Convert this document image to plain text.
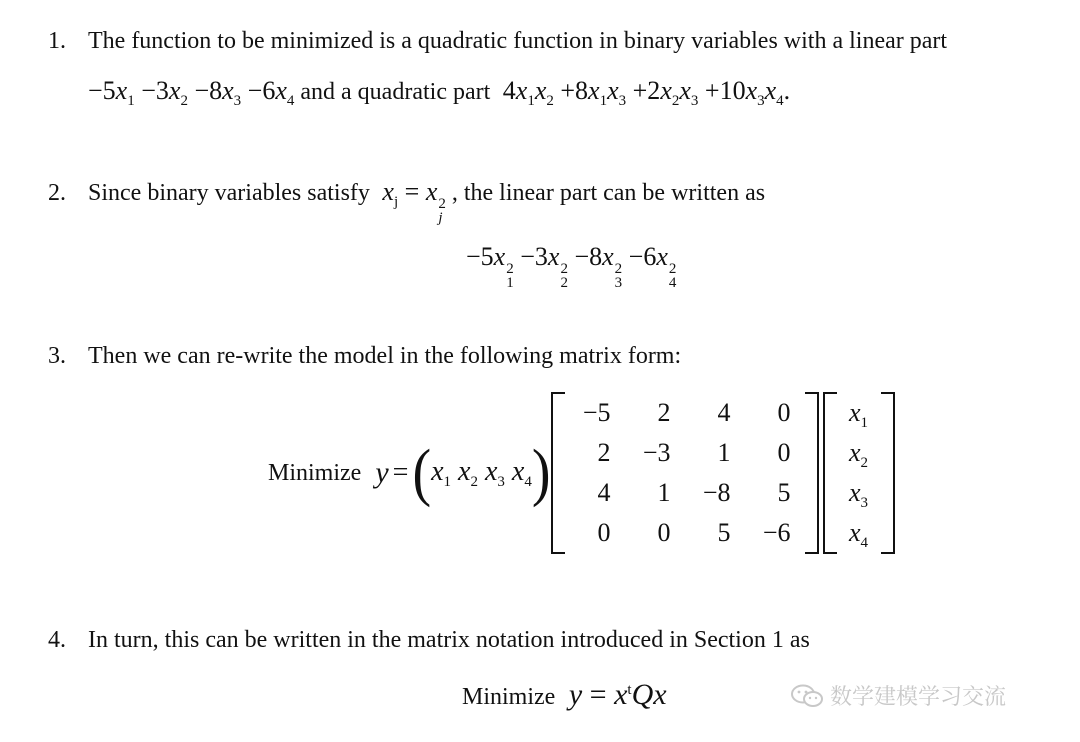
1. The function to be minimized is a quadratic function in binary variables with a linear part
$-5x_1 -3x_2 -8x_3 -6x_4$ and a quadratic part  $4x_1x_2 +8x_1x_3 +2x_2x_3 +10x_3x_4$.
2. Since binary variables satisfy $x_j = x$ 2
j
, the linear part can be written as
−5x 2
1
−3x 2
2
−8x 2
3
−6x 2
4
3. Then we can re-write the model in the following matrix form:
Minimize y = ( $x_1$ $x_2$ $x_3$ $x_4$ )
−5	2	4	0
2	−3	1	0
4	1	−8	5
0	0	5	−6
$x_1$
$x_2$
$x_3$
$x_4$
4. In turn, this can be written in the matrix notation introduced in Section 1 as
Minimize $y = x^tQx$	数学建模学习交流
